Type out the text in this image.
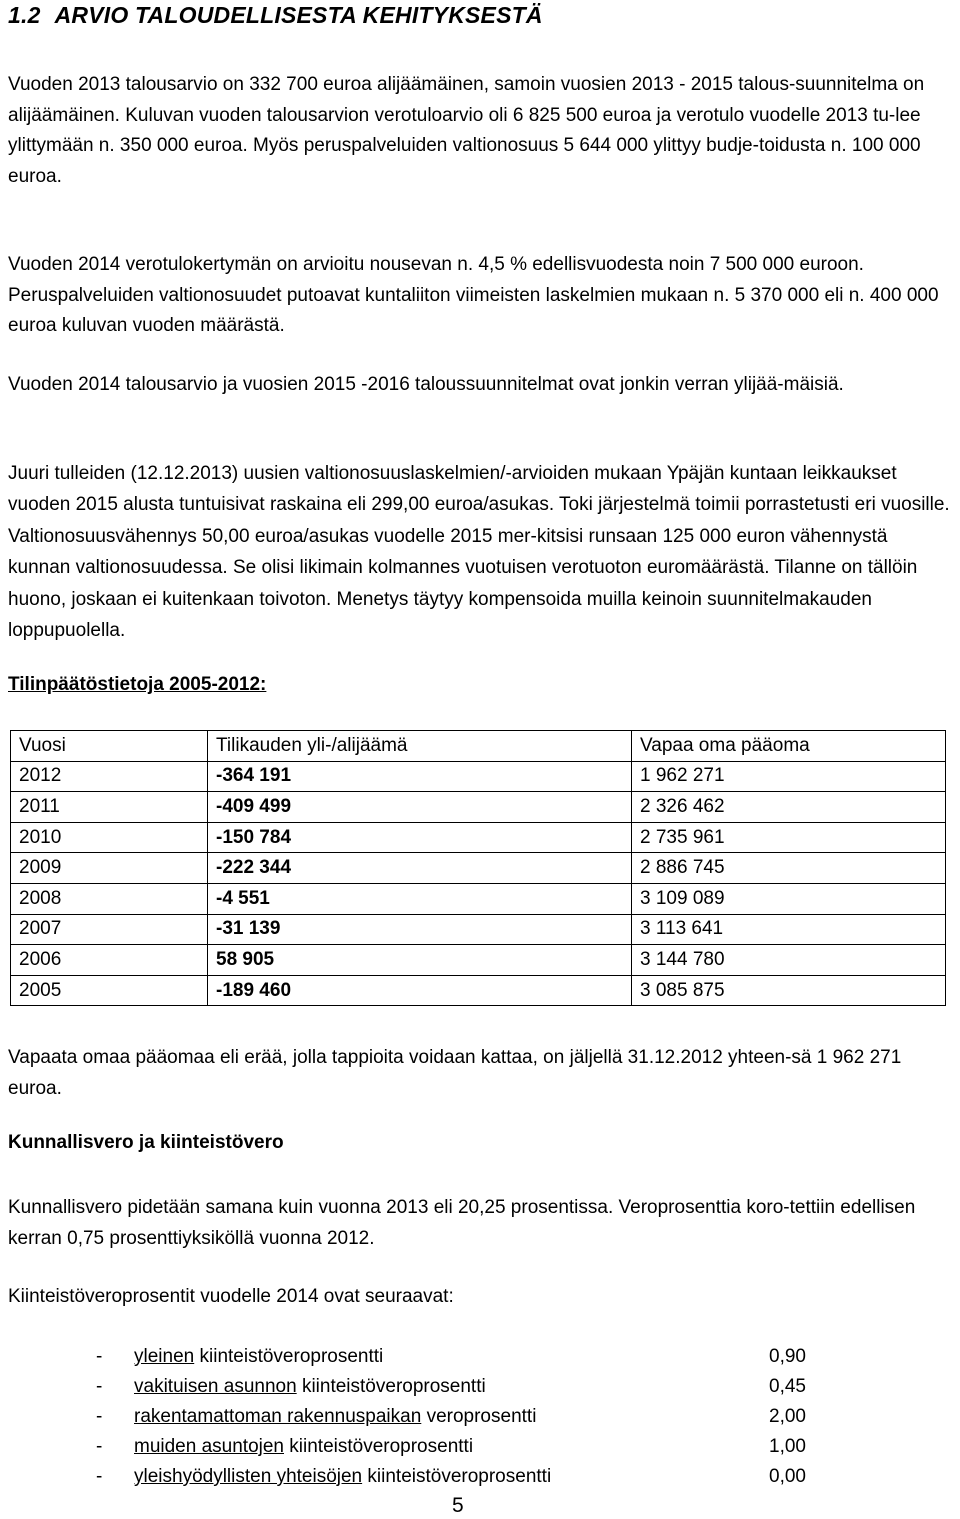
1.2 ARVIO TALOUDELLISESTA KEHITYKSESTÄ

Vuoden 2013 talousarvio on 332 700 euroa alijäämäinen, samoin vuosien 2013 - 2015 talous-suunnitelma on alijäämäinen. Kuluvan vuoden talousarvion verotuloarvio oli 6 825 500 euroa ja verotulo vuodelle 2013 tu-lee ylittymään n. 350 000 euroa. Myös peruspalveluiden valtionosuus 5 644 000 ylittyy budje-toidusta n. 100 000 euroa.

Vuoden 2014 verotulokertymän on arvioitu nousevan n. 4,5 % edellisvuodesta noin 7 500 000 euroon. Peruspalveluiden valtionosuudet putoavat kuntaliiton viimeisten laskelmien mukaan n. 5 370 000 eli n. 400 000 euroa kuluvan vuoden määrästä.

Vuoden 2014 talousarvio ja vuosien 2015 -2016 taloussuunnitelmat ovat jonkin verran ylijää-mäisiä.

Juuri tulleiden (12.12.2013) uusien valtionosuuslaskelmien/-arvioiden mukaan Ypäjän kuntaan leikkaukset vuoden 2015 alusta tuntuisivat raskaina eli 299,00 euroa/asukas. Toki järjestelmä toimii porrastetusti eri vuosille. Valtionosuusvähennys 50,00 euroa/asukas vuodelle 2015 mer-kitsisi runsaan 125 000 euron vähennystä kunnan valtionosuudessa. Se olisi likimain kolmannes vuotuisen verotuoton euromäärästä. Tilanne on tällöin huono, joskaan ei kuitenkaan toivoton. Menetys täytyy kompensoida muilla keinoin suunnitelmakauden loppupuolella.

Tilinpäätöstietoja 2005-2012:
Vuosi	Tilikauden yli-/alijäämä	Vapaa oma pääoma
2012	-364 191	1 962 271
2011	-409 499	2 326 462
2010	-150 784	2 735 961
2009	-222 344	2 886 745
2008	-4 551	3 109 089
2007	-31 139	3 113 641
2006	58 905	3 144 780
2005	-189 460	3 085 875

Vapaata omaa pääomaa eli erää, jolla tappioita voidaan kattaa, on jäljellä 31.12.2012 yhteen-sä 1 962 271 euroa.

Kunnallisvero ja kiinteistövero

Kunnallisvero pidetään samana kuin vuonna 2013 eli 20,25 prosentissa. Veroprosenttia koro-tettiin edellisen kerran 0,75 prosenttiyksiköllä vuonna 2012.

Kiinteistöveroprosentit vuodelle 2014 ovat seuraavat:

- yleinen kiinteistöveroprosentti	0,90
- vakituisen asunnon kiinteistöveroprosentti	0,45
- rakentamattoman rakennuspaikan veroprosentti	2,00
- muiden asuntojen kiinteistöveroprosentti	1,00
- yleishyödyllisten yhteisöjen kiinteistöveroprosentti	0,00
5
